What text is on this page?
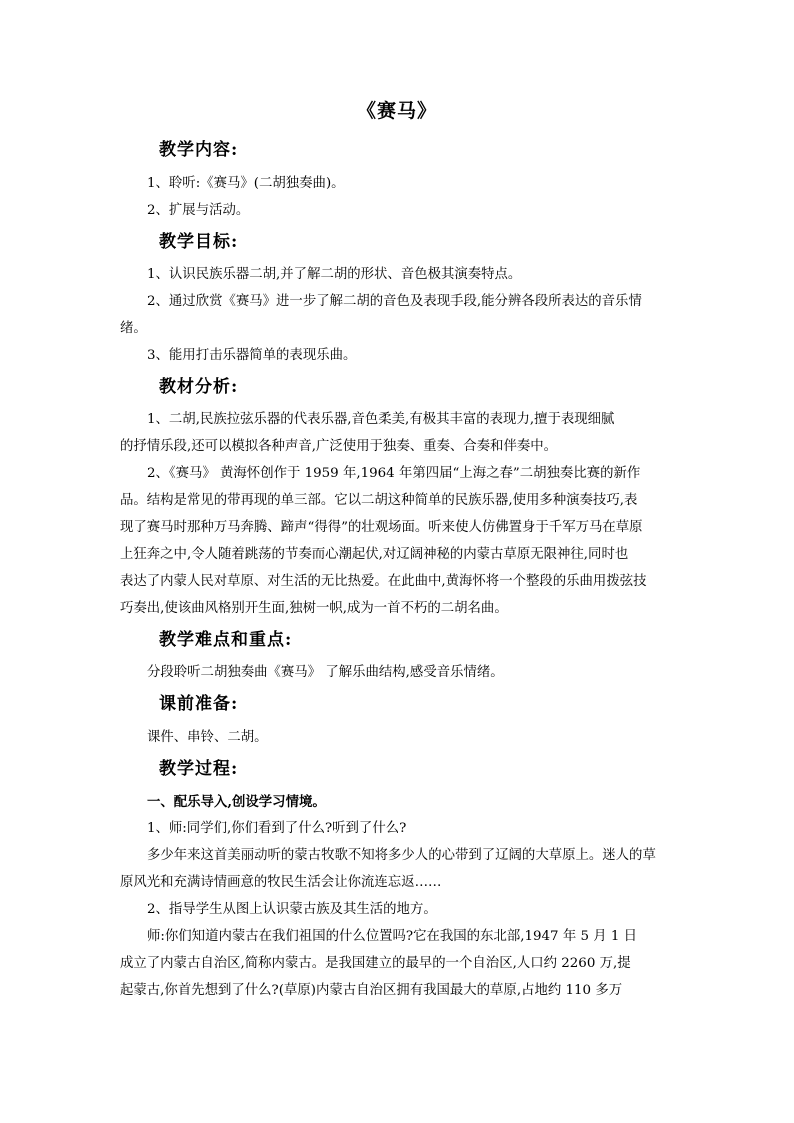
《赛马》
教学内容:
1、聆听:《赛马》(二胡独奏曲)。
2、扩展与活动。
教学目标:
1、认识民族乐器二胡,并了解二胡的形状、音色极其演奏特点。
2、通过欣赏《赛马》进一步了解二胡的音色及表现手段,能分辨各段所表达的音乐情
绪。
3、能用打击乐器简单的表现乐曲。
教材分析:
1、二胡,民族拉弦乐器的代表乐器,音色柔美,有极其丰富的表现力,擅于表现细腻
的抒情乐段,还可以模拟各种声音,广泛使用于独奏、重奏、合奏和伴奏中。
2、《赛马》 黄海怀创作于 1959 年,1964 年第四届“上海之春”二胡独奏比赛的新作
品。结构是常见的带再现的单三部。它以二胡这种简单的民族乐器,使用多种演奏技巧,表
现了赛马时那种万马奔腾、蹄声“得得”的壮观场面。听来使人仿佛置身于千军万马在草原
上狂奔之中,令人随着跳荡的节奏而心潮起伏,对辽阔神秘的内蒙古草原无限神往,同时也
表达了内蒙人民对草原、对生活的无比热爱。在此曲中,黄海怀将一个整段的乐曲用拨弦技
巧奏出,使该曲风格别开生面,独树一帜,成为一首不朽的二胡名曲。
教学难点和重点:
分段聆听二胡独奏曲《赛马》 了解乐曲结构,感受音乐情绪。
课前准备:
课件、串铃、二胡。
教学过程:
一、配乐导入,创设学习情境。
1、师:同学们,你们看到了什么?听到了什么?
多少年来这首美丽动听的蒙古牧歌不知将多少人的心带到了辽阔的大草原上。迷人的草
原风光和充满诗情画意的牧民生活会让你流连忘返……
2、指导学生从图上认识蒙古族及其生活的地方。
师:你们知道内蒙古在我们祖国的什么位置吗?它在我国的东北部,1947 年 5 月 1 日
成立了内蒙古自治区,简称内蒙古。是我国建立的最早的一个自治区,人口约 2260 万,提
起蒙古,你首先想到了什么?(草原)内蒙古自治区拥有我国最大的草原,占地约 110 多万
